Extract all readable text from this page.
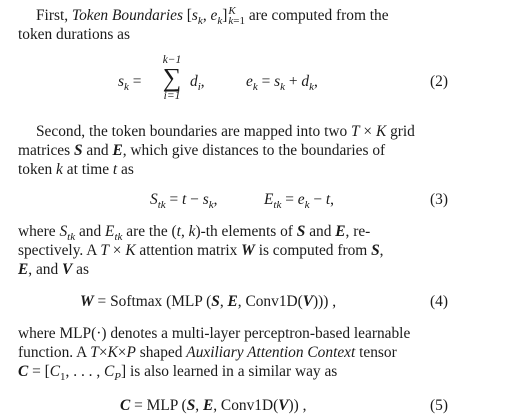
First, Token Boundaries [$s_k$, $e_k$] K
k=1 are computed from the
token durations as
$s_k$ =
k−1
∑
i=1
$d_i$,	$e_k = s_k + d_k$,	(2)
Second, the token boundaries are mapped into two T × K grid
matrices S and E, which give distances to the boundaries of
token k at time t as
$S_{tk} = t - s_k$,	$E_{tk} = e_k - t$,	(3)
where $S_{tk}$ and $E_{tk}$ are the (t, k)-th elements of S and E, re-
spectively. A T × K attention matrix W is computed from S,
E, and V as
W = Softmax (MLP (S, E, Conv1D(V))) ,	(4)
where MLP(·) denotes a multi-layer perceptron-based learnable
function. A T×K×P shaped Auxiliary Attention Context tensor
$C = [C_1$, . . . , $C_P$] is also learned in a similar way as
C = MLP (S, E, Conv1D(V)) ,	(5)
